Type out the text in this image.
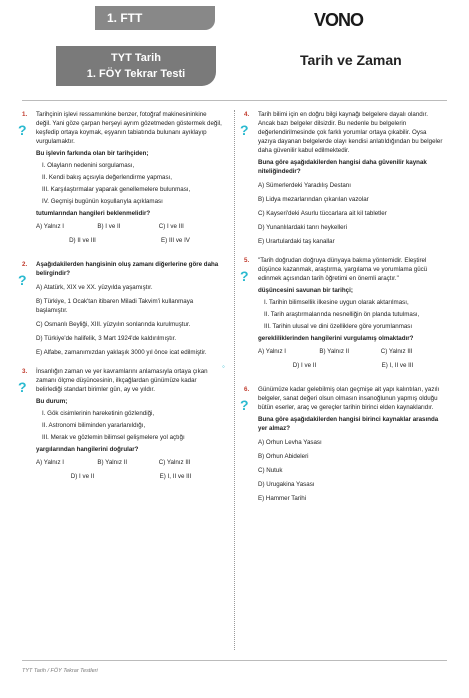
1. FTT	VONO
TYT Tarih
1. FÖY Tekrar Testi
Tarih ve Zaman
1.
?

Tarihçinin işlevi ressamınkine benzer, fotoğraf makinesininkine değil. Yani göze çarpan herşeyi ayrım gözetmeden göstermek değil, keşfedip ortaya koymak, eşyanın tabiatında bulunanı ayıklayıp vurgulamaktır.

Bu işlevin farkında olan bir tarihçiden;

I. Olayların nedenini sorgulaması,
II. Kendi bakış açısıyla değerlendirme yapması,
III. Karşılaştırmalar yaparak genellemelere bulunması,
IV. Geçmişi bugünün koşullarıyla açıklaması

tutumlarından hangileri beklenmelidir?

A) Yalnız I	B) I ve II	C) I ve III
D) II ve III	E) III ve IV
2.
?

Aşağıdakilerden hangisinin oluş zamanı diğerlerine göre daha belirgindir?

A) Atatürk, XIX ve XX. yüzyılda yaşamıştır.
B) Türkiye, 1 Ocak'tan itibaren Miladi Takvim'i kullanmaya başlamıştır.
C) Osmanlı Beyliği, XIII. yüzyılın sonlarında kurulmuştur.
D) Türkiye'de halifelik, 3 Mart 1924'de kaldırılmıştır.
E) Alfabe, zamanımızdan yaklaşık 3000 yıl önce icat edilmiştir.
3.
?

İnsanlığın zaman ve yer kavramlarını anlamasıyla ortaya çıkan zamanı ölçme düşüncesinin, ilkçağlardan günümüze kadar belirlediği standart birimler gün, ay ve yıldır.

Bu durum;

I. Gök cisimlerinin hareketinin gözlendiği,
II. Astronomi biliminden yararlanıldığı,
III. Merak ve gözlemin bilimsel gelişmelere yol açtığı

yargılarından hangilerini doğrular?

A) Yalnız I	B) Yalnız II	C) Yalnız III
D) I ve II	E) I, II ve III
◦
4.
?

Tarih bilimi için en doğru bilgi kaynağı belgelere dayalı olandır. Ancak bazı belgeler dilsizdir. Bu nedenle bu belgelerin değerlendirilmesinde çok farklı yorumlar ortaya çıkabilir. Oysa yazıya dayanan belgelerde olayı kendisi anlatıldığından bu belgeler daha güvenilir kabul edilmektedir.

Buna göre aşağıdakilerden hangisi daha güvenilir kaynak niteliğindedir?

A) Sümerlerdeki Yaradılış Destanı
B) Lidya mezarlarından çıkarılan vazolar
C) Kayseri'deki Asurlu tüccarlara ait kil tabletler
D) Yunanlılardaki tanrı heykelleri
E) Urartulardaki taş kanallar
5.
?

"Tarih doğrudan doğruya dünyaya bakma yöntemidir. Eleştirel düşünce kazanmak, araştırma, yargılama ve yorumlama gücü edinmek açısından tarih öğretimi en önemli araçtır."

düşüncesini savunan bir tarihçi;

I. Tarihin bilimsellik ilkesine uygun olarak aktarılması,
II. Tarih araştırmalarında nesnelliğin ön planda tutulması,
III. Tarihin ulusal ve dini özelliklere göre yorumlanması

gerekliliklerinden hangilerini vurgulamış olmaktadır?

A) Yalnız I	B) Yalnız II	C) Yalnız III
D) I ve II	E) I, II ve III
6.
?

Günümüze kadar gelebilmiş olan geçmişe ait yapı kalıntıları, yazılı belgeler, sanat değeri olsun olmasın insanoğlunun yapmış olduğu bütün eserler, araç ve gereçler tarihin birinci elden kaynaklarıdır.

Buna göre aşağıdakilerden hangisi birinci kaynaklar arasında yer almaz?

A) Orhun Levha Yasası
B) Orhun Abideleri
C) Nutuk
D) Urugakina Yasası
E) Hammer Tarihi
TYT Tarih / FÖY Tekrar Testleri
